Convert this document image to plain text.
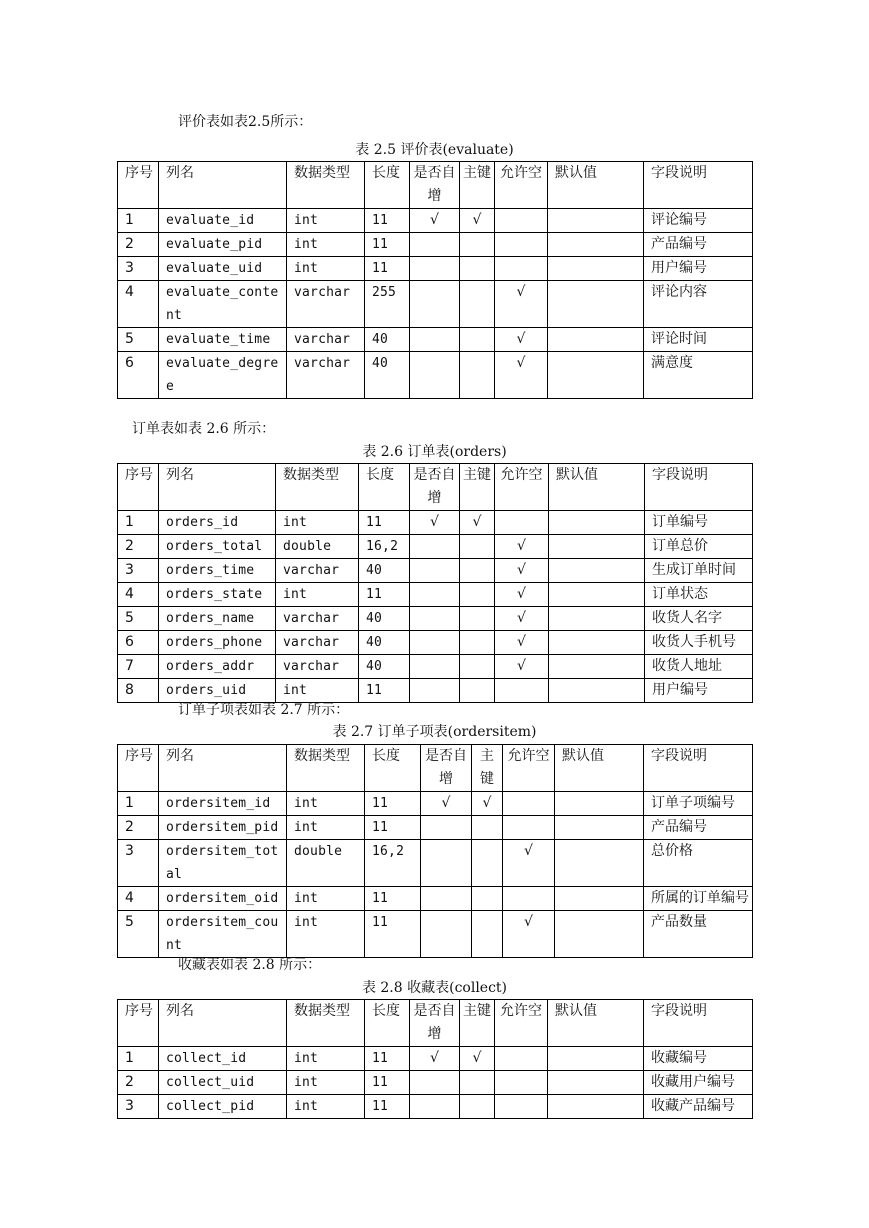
评价表如表2.5所示：
表 2.5 评价表(evaluate)
序号	列名	数据类型	长度	是否自增	主键	允许空	默认值	字段说明
1	evaluate_id	int	11	√	√			评论编号
2	evaluate_pid	int	11					产品编号
3	evaluate_uid	int	11					用户编号
4	evaluate_content	varchar	255			√		评论内容
5	evaluate_time	varchar	40			√		评论时间
6	evaluate_degree	varchar	40			√		满意度
订单表如表 2.6 所示：
表 2.6 订单表(orders)
序号	列名	数据类型	长度	是否自增	主键	允许空	默认值	字段说明
1	orders_id	int	11	√	√			订单编号
2	orders_total	double	16,2			√		订单总价
3	orders_time	varchar	40			√		生成订单时间
4	orders_state	int	11			√		订单状态
5	orders_name	varchar	40			√		收货人名字
6	orders_phone	varchar	40			√		收货人手机号
7	orders_addr	varchar	40			√		收货人地址
8	orders_uid	int	11					用户编号
订单子项表如表 2.7 所示：
表 2.7 订单子项表(ordersitem)
序号	列名	数据类型	长度	是否自增	主键	允许空	默认值	字段说明
1	ordersitem_id	int	11	√	√			订单子项编号
2	ordersitem_pid	int	11					产品编号
3	ordersitem_total	double	16,2			√		总价格
4	ordersitem_oid	int	11					所属的订单编号
5	ordersitem_count	int	11			√		产品数量
收藏表如表 2.8 所示：
表 2.8 收藏表(collect)
序号	列名	数据类型	长度	是否自增	主键	允许空	默认值	字段说明
1	collect_id	int	11	√	√			收藏编号
2	collect_uid	int	11					收藏用户编号
3	collect_pid	int	11					收藏产品编号
